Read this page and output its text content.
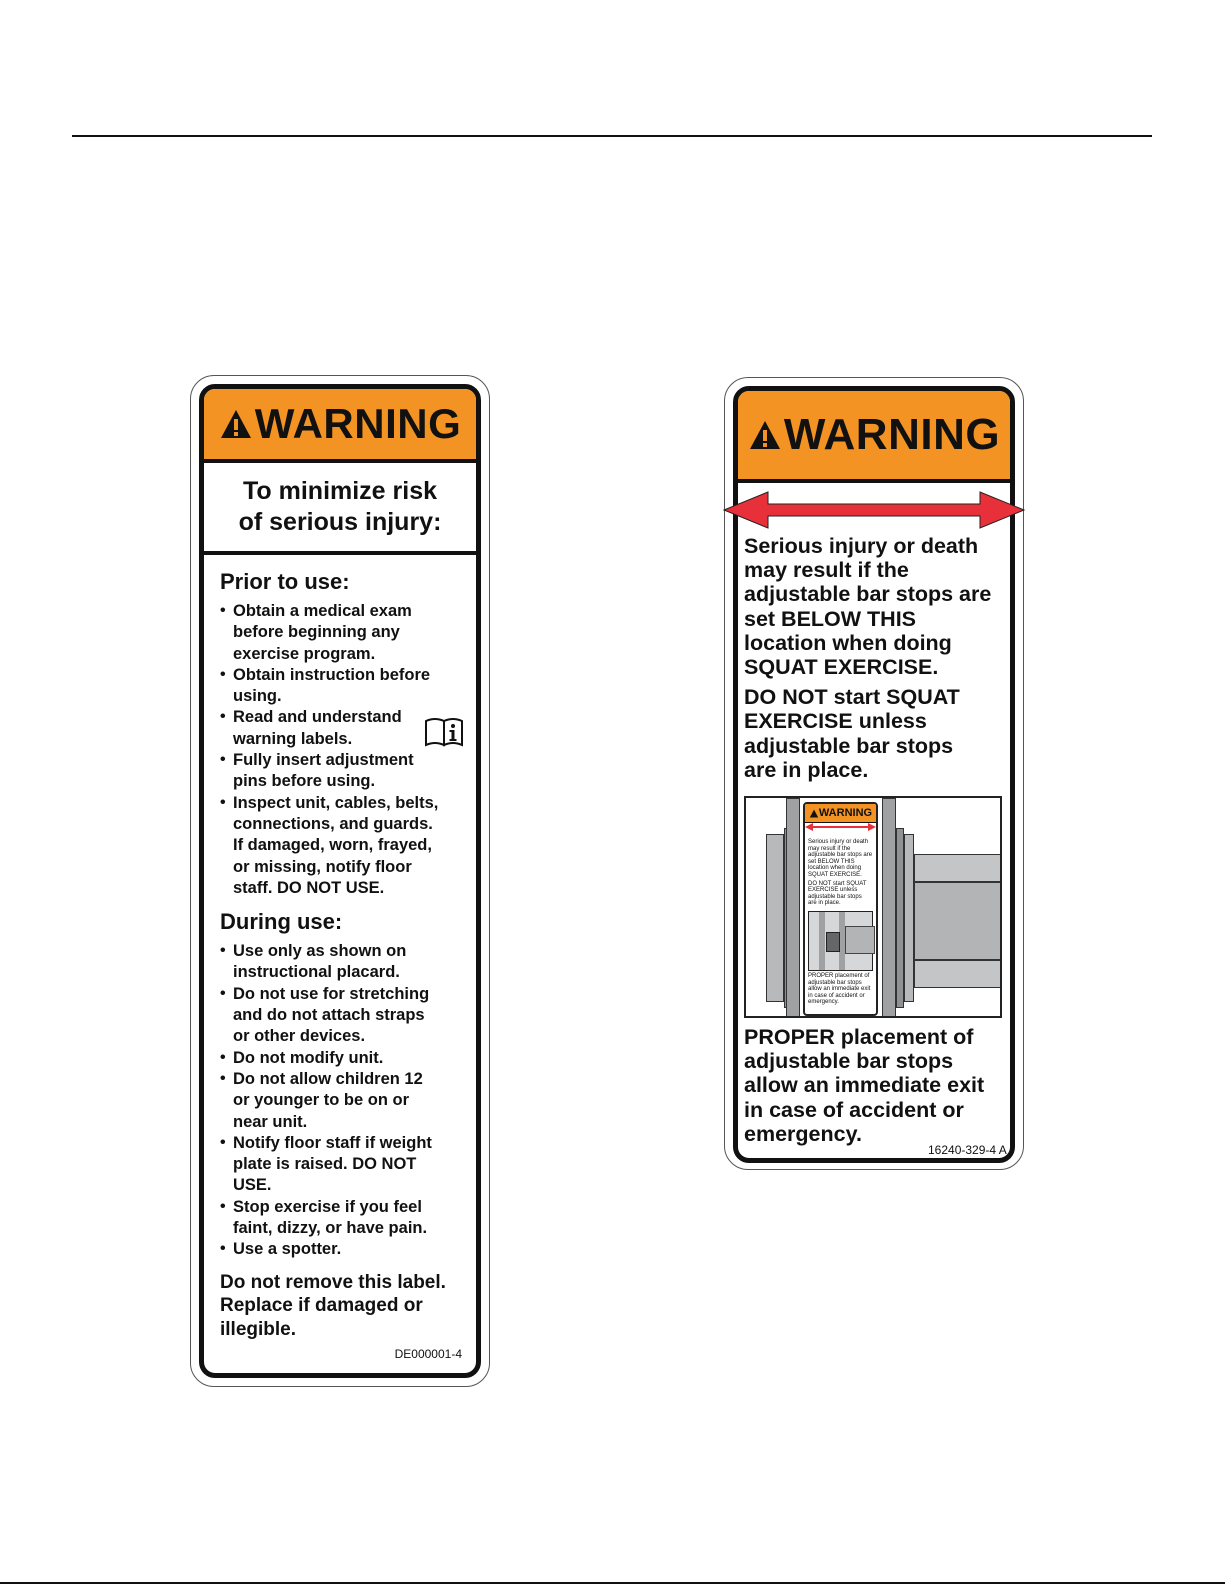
WARNING
To minimize risk
of serious injury:
Prior to use:
• Obtain a medical exam
before beginning any
exercise program.
• Obtain instruction before
using.
• Read and understand
warning labels.
• Fully insert adjustment
pins before using.
• Inspect unit, cables, belts,
connections, and guards.
If damaged, worn, frayed,
or missing, notify floor
staff. DO NOT USE.
During use:
• Use only as shown on
instructional placard.
• Do not use for stretching
and do not attach straps
or other devices.
• Do not modify unit.
• Do not allow children 12
or younger to be on or
near unit.
• Notify floor staff if weight
plate is raised. DO NOT
USE.
• Stop exercise if you feel
faint, dizzy, or have pain.
• Use a spotter.
Do not remove this label.
Replace if damaged or
illegible.
DE000001-4
WARNING

Serious injury or death
may result if the
adjustable bar stops are
set BELOW THIS
location when doing
SQUAT EXERCISE.

DO NOT start SQUAT
EXERCISE unless
adjustable bar stops
are in place.

WARNING
Serious injury or death
may result if the
adjustable bar stops are
set BELOW THIS
location when doing
SQUAT EXERCISE.
DO NOT start SQUAT
EXERCISE unless
adjustable bar stops
are in place.
PROPER placement of
adjustable bar stops
allow an immediate exit
in case of accident or
emergency.

PROPER placement of
adjustable bar stops
allow an immediate exit
in case of accident or
emergency.

16240-329-4 A
